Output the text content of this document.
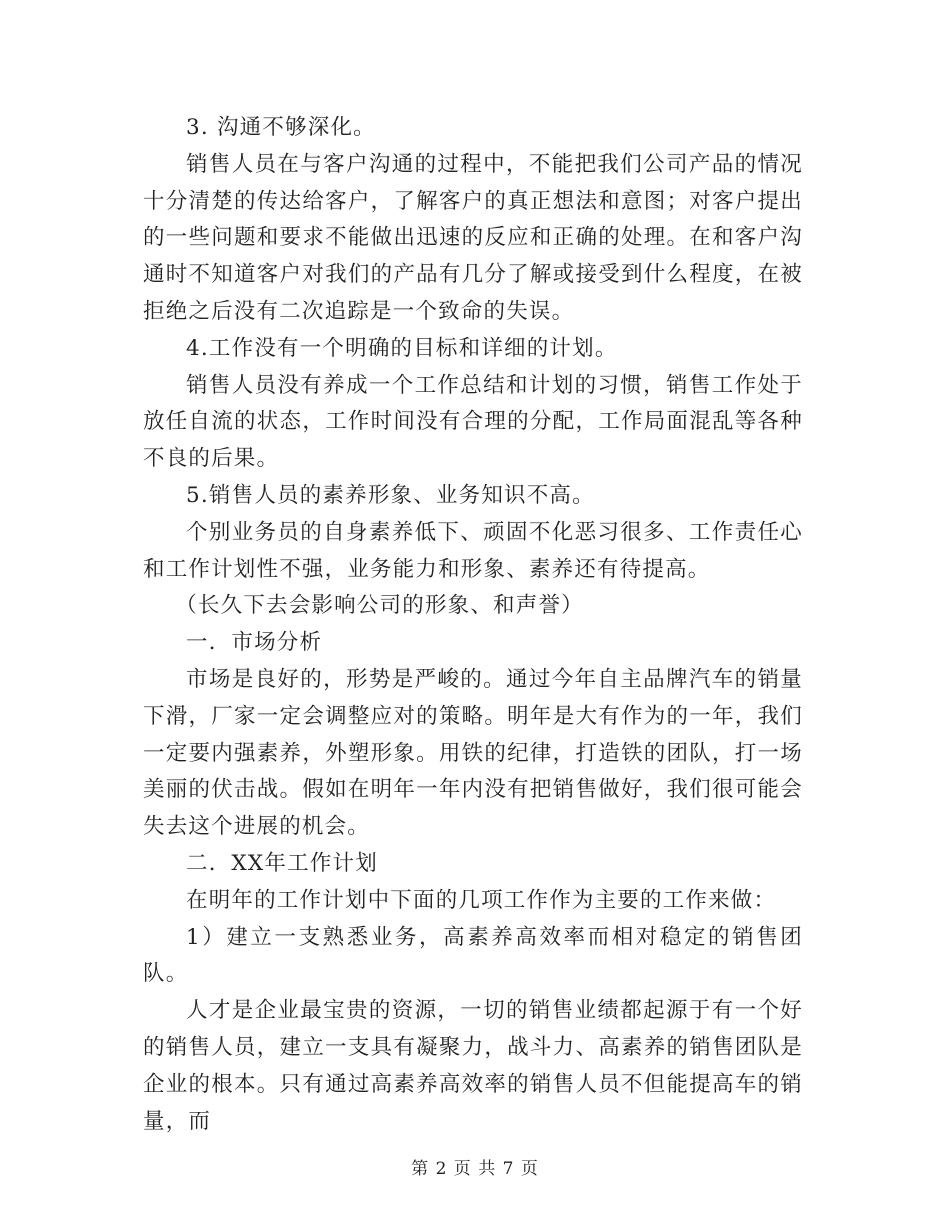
3. 沟通不够深化。

销售人员在与客户沟通的过程中，不能把我们公司产品的情况十分清楚的传达给客户，了解客户的真正想法和意图；对客户提出的一些问题和要求不能做出迅速的反应和正确的处理。在和客户沟通时不知道客户对我们的产品有几分了解或接受到什么程度，在被拒绝之后没有二次追踪是一个致命的失误。

4.工作没有一个明确的目标和详细的计划。

销售人员没有养成一个工作总结和计划的习惯，销售工作处于放任自流的状态，工作时间没有合理的分配，工作局面混乱等各种不良的后果。

5.销售人员的素养形象、业务知识不高。

个别业务员的自身素养低下、顽固不化恶习很多、工作责任心和工作计划性不强，业务能力和形象、素养还有待提高。

（长久下去会影响公司的形象、和声誉）

一．市场分析

市场是良好的，形势是严峻的。通过今年自主品牌汽车的销量下滑，厂家一定会调整应对的策略。明年是大有作为的一年，我们一定要内强素养，外塑形象。用铁的纪律，打造铁的团队，打一场美丽的伏击战。假如在明年一年内没有把销售做好，我们很可能会失去这个进展的机会。

二．XX年工作计划

在明年的工作计划中下面的几项工作作为主要的工作来做：

1）建立一支熟悉业务，高素养高效率而相对稳定的销售团队。

人才是企业最宝贵的资源，一切的销售业绩都起源于有一个好的销售人员，建立一支具有凝聚力，战斗力、高素养的销售团队是企业的根本。只有通过高素养高效率的销售人员不但能提高车的销量，而

第 2 页 共 7 页
